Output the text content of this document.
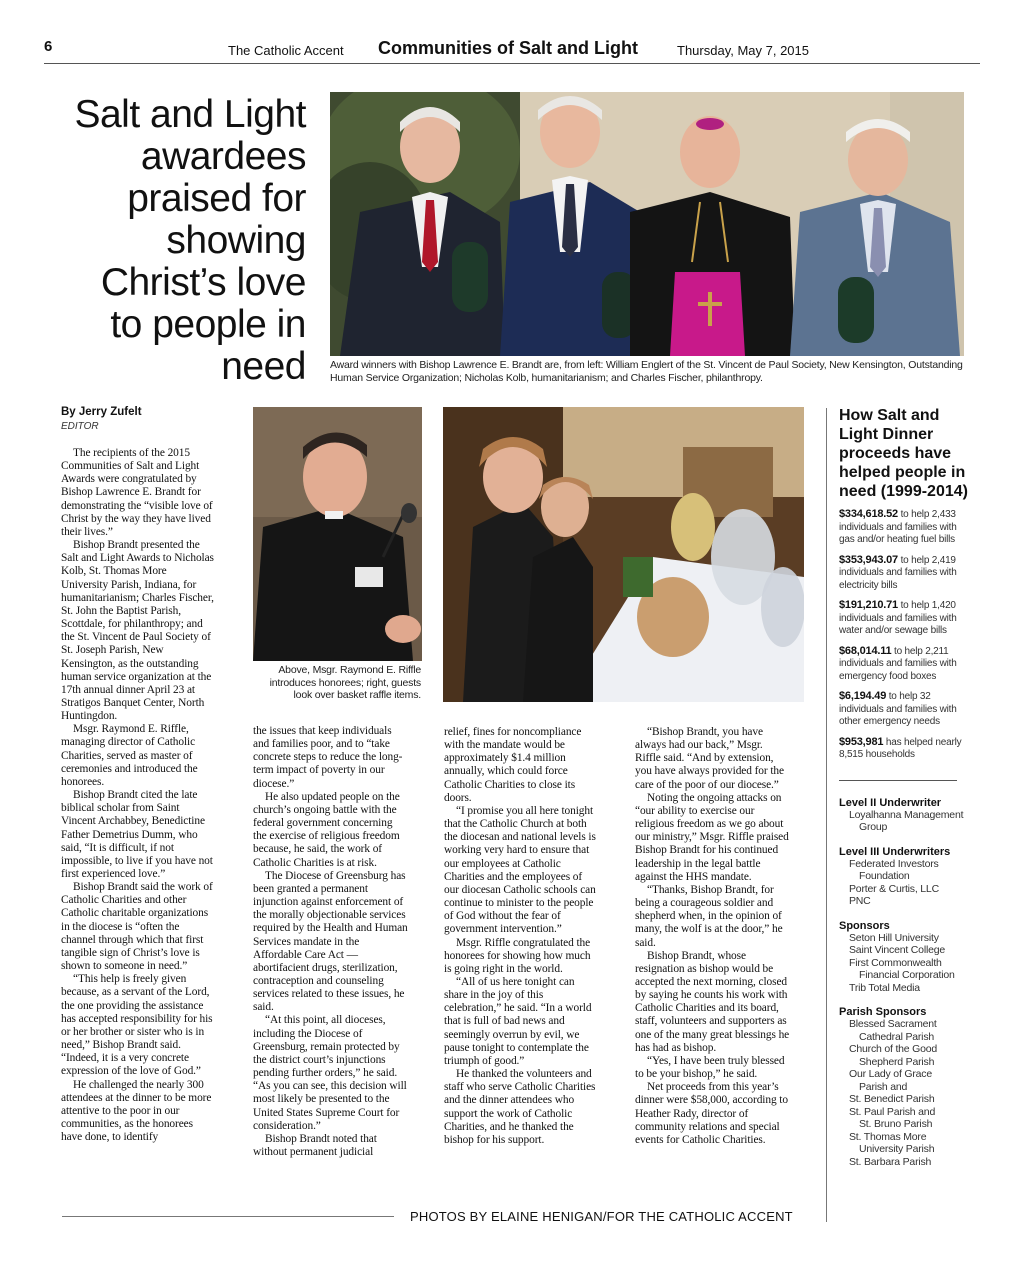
6	The Catholic Accent Communities of Salt and Light	Thursday, May 7, 2015
Salt and Light
awardees
praised for
showing
Christ’s love
to people in
need Award winners with Bishop Lawrence E. Brandt are, from left: William Englert of the St. Vincent de Paul Society, New Kensington, Outstanding Human Service Organization; Nicholas Kolb, humanitarianism; and Charles Fischer, philanthropy.
Above, Msgr. Raymond E. Riffle introduces honorees; right, guests look over basket raffle items.
By Jerry Zufelt
EDITOR

The recipients of the 2015 Communities of Salt and Light Awards were congratulated by Bishop Lawrence E. Brandt for demonstrating the “visible love of Christ by the way they have lived their lives.”

Bishop Brandt presented the Salt and Light Awards to Nicholas Kolb, St. Thomas More University Parish, Indiana, for humanitarianism; Charles Fischer, St. John the Baptist Parish, Scottdale, for philanthropy; and the St. Vincent de Paul Society of St. Joseph Parish, New Kensington, as the outstanding human service organization at the 17th annual dinner April 23 at Stratigos Banquet Center, North Huntingdon.

Msgr. Raymond E. Riffle, managing director of Catholic Charities, served as master of ceremonies and introduced the honorees.

Bishop Brandt cited the late biblical scholar from Saint Vincent Archabbey, Benedictine Father Demetrius Dumm, who said, “It is difficult, if not impossible, to live if you have not first experienced love.”

Bishop Brandt said the work of Catholic Charities and other Catholic charitable organizations in the diocese is “often the channel through which that first tangible sign of Christ’s love is shown to someone in need.”

“This help is freely given because, as a servant of the Lord, the one providing the assistance has accepted responsibility for his or her brother or sister who is in need,” Bishop Brandt said. “Indeed, it is a very concrete expression of the love of God.”

He challenged the nearly 300 attendees at the dinner to be more attentive to the poor in our communities, as the honorees have done, to identify

the issues that keep individuals and families poor, and to “take concrete steps to reduce the long-term impact of poverty in our diocese.”

He also updated people on the church’s ongoing battle with the federal government concerning the exercise of religious freedom because, he said, the work of Catholic Charities is at risk.

The Diocese of Greensburg has been granted a permanent injunction against enforcement of the morally objectionable services required by the Health and Human Services mandate in the Affordable Care Act — abortifacient drugs, sterilization, contraception and counseling services related to these issues, he said.

“At this point, all dioceses, including the Diocese of Greensburg, remain protected by the district court’s injunctions pending further orders,” he said. “As you can see, this decision will most likely be presented to the United States Supreme Court for consideration.”

Bishop Brandt noted that without permanent judicial

relief, fines for noncompliance with the mandate would be approximately $1.4 million annually, which could force Catholic Charities to close its doors.

“I promise you all here tonight that the Catholic Church at both the diocesan and national levels is working very hard to ensure that our employees at Catholic Charities and the employees of our diocesan Catholic schools can continue to minister to the people of God without the fear of government intervention.”

Msgr. Riffle congratulated the honorees for showing how much is going right in the world.

“All of us here tonight can share in the joy of this celebration,” he said. “In a world that is full of bad news and seemingly overrun by evil, we pause tonight to contemplate the triumph of good.”

He thanked the volunteers and staff who serve Catholic Charities and the dinner attendees who support the work of Catholic Charities, and he thanked the bishop for his support.

“Bishop Brandt, you have always had our back,” Msgr. Riffle said. “And by extension, you have always provided for the care of the poor of our diocese.”

Noting the ongoing attacks on “our ability to exercise our religious freedom as we go about our ministry,” Msgr. Riffle praised Bishop Brandt for his continued leadership in the legal battle against the HHS mandate.

“Thanks, Bishop Brandt, for being a courageous soldier and shepherd when, in the opinion of many, the wolf is at the door,” he said.

Bishop Brandt, whose resignation as bishop would be accepted the next morning, closed by saying he counts his work with Catholic Charities and its board, staff, volunteers and supporters as one of the many great blessings he has had as bishop.

“Yes, I have been truly blessed to be your bishop,” he said.

Net proceeds from this year’s dinner were $58,000, according to Heather Rady, director of community relations and special events for Catholic Charities.

How Salt and Light Dinner proceeds have helped people in need (1999-2014)
$334,618.52 to help 2,433 individuals and families with gas and/or heating fuel bills
$353,943.07 to help 2,419 individuals and families with electricity bills
$191,210.71 to help 1,420 individuals and families with water and/or sewage bills
$68,014.11 to help 2,211 individuals and families with emergency food boxes
$6,194.49 to help 32 individuals and families with other emergency needs
$953,981 has helped nearly 8,515 households
Level II Underwriter
Loyalhanna Management
Group
Level III Underwriters
Federated Investors
Foundation
Porter & Curtis, LLC
PNC
Sponsors
Seton Hill University
Saint Vincent College
First Commonwealth
Financial Corporation
Trib Total Media
Parish Sponsors
Blessed Sacrament
Cathedral Parish
Church of the Good
Shepherd Parish
Our Lady of Grace
Parish and
St. Benedict Parish
St. Paul Parish and
St. Bruno Parish
St. Thomas More
University Parish
St. Barbara Parish
PHOTOS BY ELAINE HENIGAN/FOR THE CATHOLIC ACCENT
